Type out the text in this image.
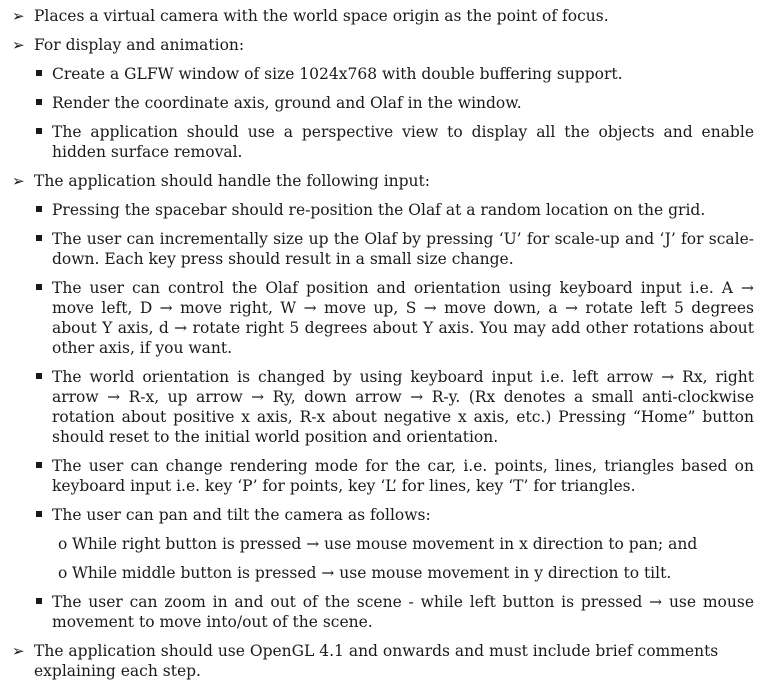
➢ Places a virtual camera with the world space origin as the point of focus.
➢ For display and animation:
Create a GLFW window of size 1024x768 with double buffering support.
Render the coordinate axis, ground and Olaf in the window.
The application should use a perspective view to display all the objects and enable hidden surface removal.
➢ The application should handle the following input:
Pressing the spacebar should re-position the Olaf at a random location on the grid.
The user can incrementally size up the Olaf by pressing ‘U’ for scale-up and ‘J’ for scale-down. Each key press should result in a small size change.
The user can control the Olaf position and orientation using keyboard input i.e. A → move left, D → move right, W → move up, S → move down, a → rotate left 5 degrees about Y axis, d → rotate right 5 degrees about Y axis. You may add other rotations about other axis, if you want.
The world orientation is changed by using keyboard input i.e. left arrow → Rx, right arrow → R-x, up arrow → Ry, down arrow → R-y. (Rx denotes a small anti-clockwise rotation about positive x axis, R-x about negative x axis, etc.) Pressing “Home” button should reset to the initial world position and orientation.
The user can change rendering mode for the car, i.e. points, lines, triangles based on keyboard input i.e. key ‘P’ for points, key ‘L’ for lines, key ‘T’ for triangles.
The user can pan and tilt the camera as follows:
o While right button is pressed → use mouse movement in x direction to pan; and
o While middle button is pressed → use mouse movement in y direction to tilt.
The user can zoom in and out of the scene - while left button is pressed → use mouse movement to move into/out of the scene.
➢ The application should use OpenGL 4.1 and onwards and must include brief comments explaining each step.
